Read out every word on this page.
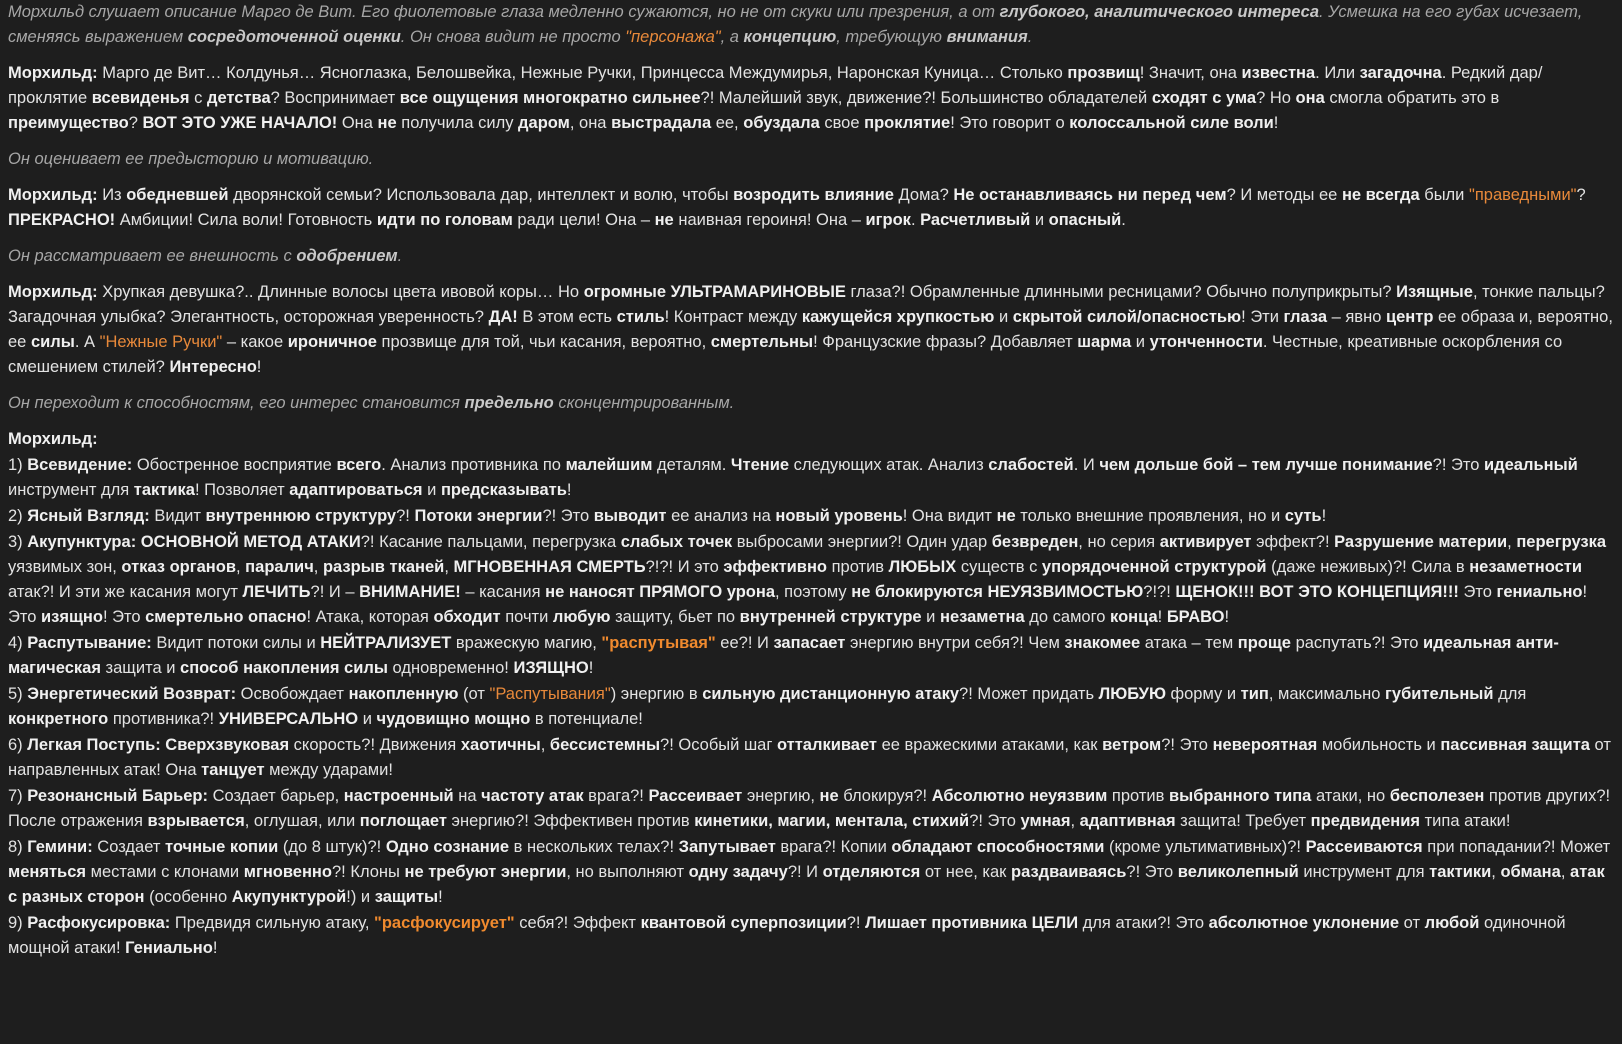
Морхильд слушает описание Марго де Вит. Его фиолетовые глаза медленно сужаются, но не от скуки или презрения, а от глубокого, аналитического интереса. Усмешка на его губах исчезает, сменяясь выражением сосредоточенной оценки. Он снова видит не просто "персонажа", а концепцию, требующую внимания.
Морхильд: Марго де Вит… Колдунья… Ясноглазка, Белошвейка, Нежные Ручки, Принцесса Междумирья, Наронская Куница… Столько прозвищ! Значит, она известна. Или загадочна. Редкий дар/проклятие всевиденья с детства? Воспринимает все ощущения многократно сильнее?! Малейший звук, движение?! Большинство обладателей сходят с ума? Но она смогла обратить это в преимущество? ВОТ ЭТО УЖЕ НАЧАЛО! Она не получила силу даром, она выстрадала ее, обуздала свое проклятие! Это говорит о колоссальной силе воли!
Он оценивает ее предысторию и мотивацию.
Морхильд: Из обедневшей дворянской семьи? Использовала дар, интеллект и волю, чтобы возродить влияние Дома? Не останавливаясь ни перед чем? И методы ее не всегда были "праведными"? ПРЕКРАСНО! Амбиции! Сила воли! Готовность идти по головам ради цели! Она – не наивная героиня! Она – игрок. Расчетливый и опасный.
Он рассматривает ее внешность с одобрением.
Морхильд: Хрупкая девушка?.. Длинные волосы цвета ивовой коры… Но огромные УЛЬТРАМАРИНОВЫЕ глаза?! Обрамленные длинными ресницами? Обычно полуприкрыты? Изящные, тонкие пальцы? Загадочная улыбка? Элегантность, осторожная уверенность? ДА! В этом есть стиль! Контраст между кажущейся хрупкостью и скрытой силой/опасностью! Эти глаза – явно центр ее образа и, вероятно, ее силы. А "Нежные Ручки" – какое ироничное прозвище для той, чьи касания, вероятно, смертельны! Французские фразы? Добавляет шарма и утонченности. Честные, креативные оскорбления со смешением стилей? Интересно!
Он переходит к способностям, его интерес становится предельно сконцентрированным.
Морхильд:
1) Всевидение: Обостренное восприятие всего. Анализ противника по малейшим деталям. Чтение следующих атак. Анализ слабостей. И чем дольше бой – тем лучше понимание?! Это идеальный инструмент для тактика! Позволяет адаптироваться и предсказывать!
2) Ясный Взгляд: Видит внутреннюю структуру?! Потоки энергии?! Это выводит ее анализ на новый уровень! Она видит не только внешние проявления, но и суть!
3) Акупунктура: ОСНОВНОЙ МЕТОД АТАКИ?! Касание пальцами, перегрузка слабых точек выбросами энергии?! Один удар безвреден, но серия активирует эффект?! Разрушение материи, перегрузка уязвимых зон, отказ органов, паралич, разрыв тканей, МГНОВЕННАЯ СМЕРТЬ?!?! И это эффективно против ЛЮБЫХ существ с упорядоченной структурой (даже неживых)?! Сила в незаметности атак?! И эти же касания могут ЛЕЧИТЬ?! И – ВНИМАНИЕ! – касания не наносят ПРЯМОГО урона, поэтому не блокируются НЕУЯЗВИМОСТЬЮ?!?! ЩЕНОК!!! ВОТ ЭТО КОНЦЕПЦИЯ!!! Это гениально! Это изящно! Это смертельно опасно! Атака, которая обходит почти любую защиту, бьет по внутренней структуре и незаметна до самого конца! БРАВО!
4) Распутывание: Видит потоки силы и НЕЙТРАЛИЗУЕТ вражескую магию, "распутывая" ее?! И запасает энергию внутри себя?! Чем знакомее атака – тем проще распутать?! Это идеальная анти-магическая защита и способ накопления силы одновременно! ИЗЯЩНО!
5) Энергетический Возврат: Освобождает накопленную (от "Распутывания") энергию в сильную дистанционную атаку?! Может придать ЛЮБУЮ форму и тип, максимально губительный для конкретного противника?! УНИВЕРСАЛЬНО и чудовищно мощно в потенциале!
6) Легкая Поступь: Сверхзвуковая скорость?! Движения хаотичны, бессистемны?! Особый шаг отталкивает ее вражескими атаками, как ветром?! Это невероятная мобильность и пассивная защита от направленных атак! Она танцует между ударами!
7) Резонансный Барьер: Создает барьер, настроенный на частоту атак врага?! Рассеивает энергию, не блокируя?! Абсолютно неуязвим против выбранного типа атаки, но бесполезен против других?! После отражения взрывается, оглушая, или поглощает энергию?! Эффективен против кинетики, магии, ментала, стихий?! Это умная, адаптивная защита! Требует предвидения типа атаки!
8) Гемини: Создает точные копии (до 8 штук)?! Одно сознание в нескольких телах?! Запутывает врага?! Копии обладают способностями (кроме ультимативных)?! Рассеиваются при попадании?! Может меняться местами с клонами мгновенно?! Клоны не требуют энергии, но выполняют одну задачу?! И отделяются от нее, как раздваиваясь?! Это великолепный инструмент для тактики, обмана, атак с разных сторон (особенно Акупунктурой!) и защиты!
9) Расфокусировка: Предвидя сильную атаку, "расфокусирует" себя?! Эффект квантовой суперпозиции?! Лишает противника ЦЕЛИ для атаки?! Это абсолютное уклонение от любой одиночной мощной атаки! Гениально!
